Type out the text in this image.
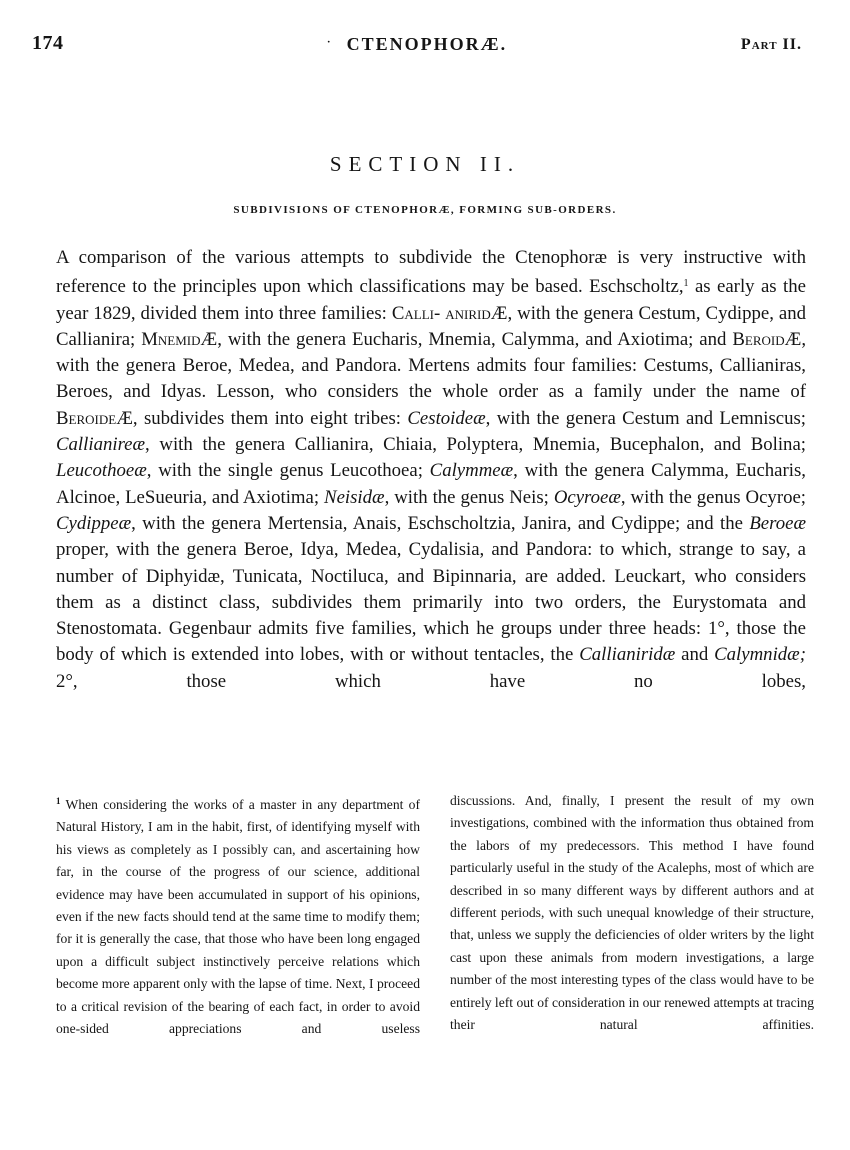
174	· CTENOPHORÆ.	Part II.
SECTION II.
SUBDIVISIONS OF CTENOPHORÆ, FORMING SUB-ORDERS.

A comparison of the various attempts to subdivide the Ctenophoræ is very instructive with reference to the principles upon which classifications may be based. Eschscholtz,$^1$ as early as the year 1829, divided them into three families: Calli- aniridÆ, with the genera Cestum, Cydippe, and Callianira; MnemidÆ, with the genera Eucharis, Mnemia, Calymma, and Axiotima; and BeroidÆ, with the genera Beroe, Medea, and Pandora. Mertens admits four families: Cestums, Callianiras, Beroes, and Idyas. Lesson, who considers the whole order as a family under the name of BeroideÆ, subdivides them into eight tribes: Cestoideæ, with the genera Cestum and Lemniscus; Callianireæ, with the genera Callianira, Chiaia, Polyptera, Mnemia, Bucephalon, and Bolina; Leucothoeæ, with the single genus Leucothoea; Calymmeæ, with the genera Calymma, Eucharis, Alcinoe, LeSueuria, and Axiotima; Neisidæ, with the genus Neis; Ocyroeæ, with the genus Ocyroe; Cydippeæ, with the genera Mertensia, Anais, Eschscholtzia, Janira, and Cydippe; and the Beroeæ proper, with the genera Beroe, Idya, Medea, Cydalisia, and Pandora: to which, strange to say, a number of Diphyidæ, Tunicata, Noctiluca, and Bipinnaria, are added. Leuckart, who considers them as a distinct class, subdivides them primarily into two orders, the Eurystomata and Stenostomata. Gegenbaur admits five families, which he groups under three heads: 1°, those the body of which is extended into lobes, with or without tentacles, the Callianiridæ and Calymnidæ; 2°, those which have no lobes,

$^1$ When considering the works of a master in any department of Natural History, I am in the habit, first, of identifying myself with his views as completely as I possibly can, and ascertaining how far, in the course of the progress of our science, additional evidence may have been accumulated in support of his opinions, even if the new facts should tend at the same time to modify them; for it is generally the case, that those who have been long engaged upon a difficult subject instinctively perceive relations which become more apparent only with the lapse of time. Next, I proceed to a critical revision of the bearing of each fact, in order to avoid one-sided appreciations and useless

discussions. And, finally, I present the result of my own investigations, combined with the information thus obtained from the labors of my predecessors. This method I have found particularly useful in the study of the Acalephs, most of which are described in so many different ways by different authors and at different periods, with such unequal knowledge of their structure, that, unless we supply the deficiencies of older writers by the light cast upon these animals from modern investigations, a large number of the most interesting types of the class would have to be entirely left out of consideration in our renewed attempts at tracing their natural affinities.
